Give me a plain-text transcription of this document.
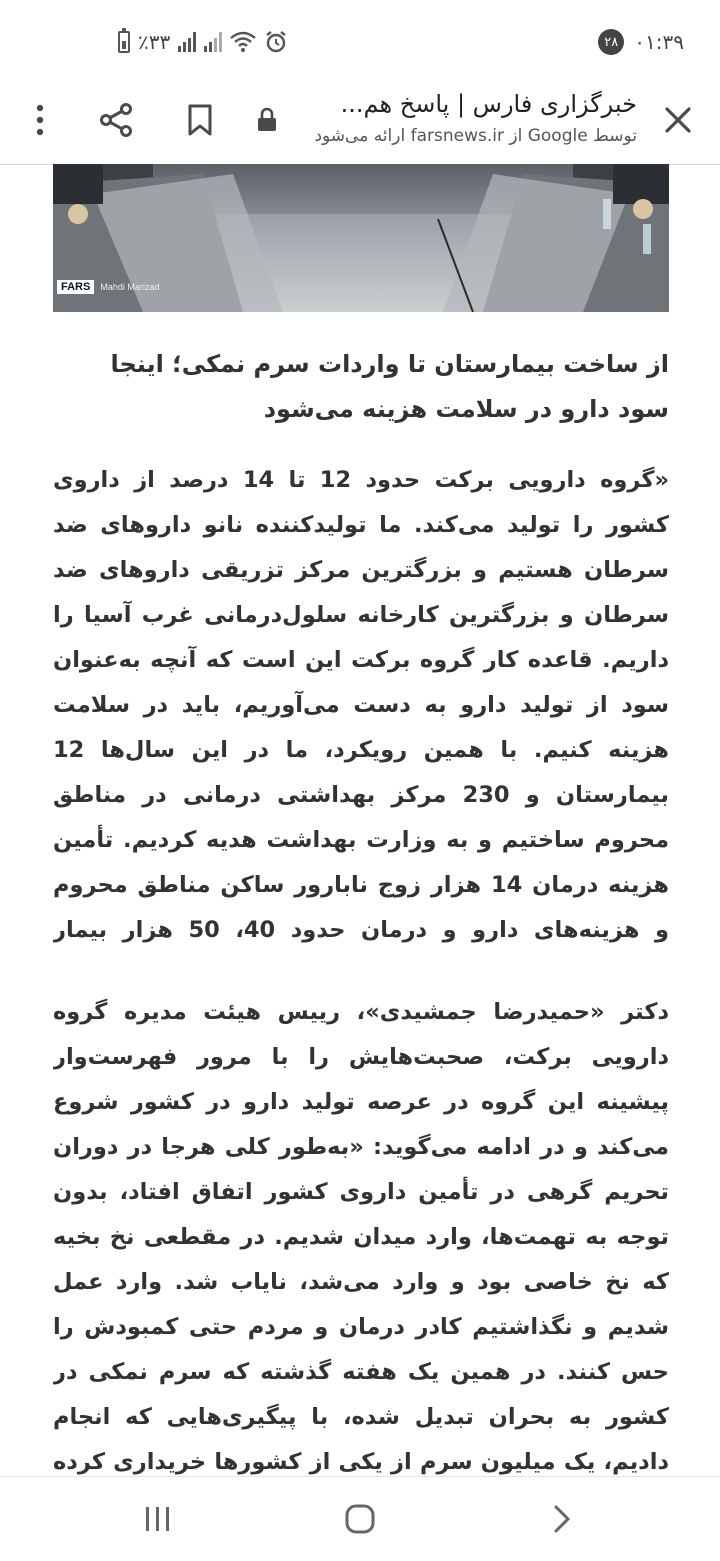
٪۳۳	۲۸ ۰۱:۳۹
خبرگزاری فارس | پاسخ هم...
توسط Google از farsnews.ir ارائه می‌شود
FARS	Mahdi Marizad
از ساخت بیمارستان تا واردات سرم نمکی؛ اینجا سود دارو در سلامت هزینه می‌شود

«گروه دارویی برکت حدود 12 تا 14 درصد از داروی کشور را تولید می‌کند. ما تولیدکننده نانو داروهای ضد سرطان هستیم و بزرگترین مرکز تزریقی داروهای ضد سرطان و بزرگترین کارخانه سلول‌درمانی غرب آسیا را داریم. قاعده کار گروه برکت این است که آنچه به‌عنوان سود از تولید دارو به دست می‌آوریم، باید در سلامت هزینه کنیم. با همین رویکرد، ما در این سال‌ها 12 بیمارستان و 230 مرکز بهداشتی درمانی در مناطق محروم ساختیم و به وزارت بهداشت هدیه کردیم. تأمین هزینه درمان 14 هزار زوج نابارور ساکن مناطق محروم و هزینه‌های دارو و درمان حدود 40، 50 هزار بیمار

دکتر «حمیدرضا جمشیدی»، رییس هیئت مدیره گروه دارویی برکت، صحبت‌هایش را با مرور فهرست‌وار پیشینه این گروه در عرصه تولید دارو در کشور شروع می‌کند و در ادامه می‌گوید: «به‌طور کلی هرجا در دوران تحریم گرهی در تأمین داروی کشور اتفاق افتاد، بدون توجه به تهمت‌ها، وارد میدان شدیم. در مقطعی نخ بخیه که نخ خاصی بود و وارد می‌شد، نایاب شد. وارد عمل شدیم و نگذاشتیم کادر درمان و مردم حتی کمبودش را حس کنند. در همین یک هفته گذشته که سرم نمکی در کشور به بحران تبدیل شده، با پیگیری‌هایی که انجام دادیم، یک میلیون سرم از یکی از کشورها خریداری کرده
